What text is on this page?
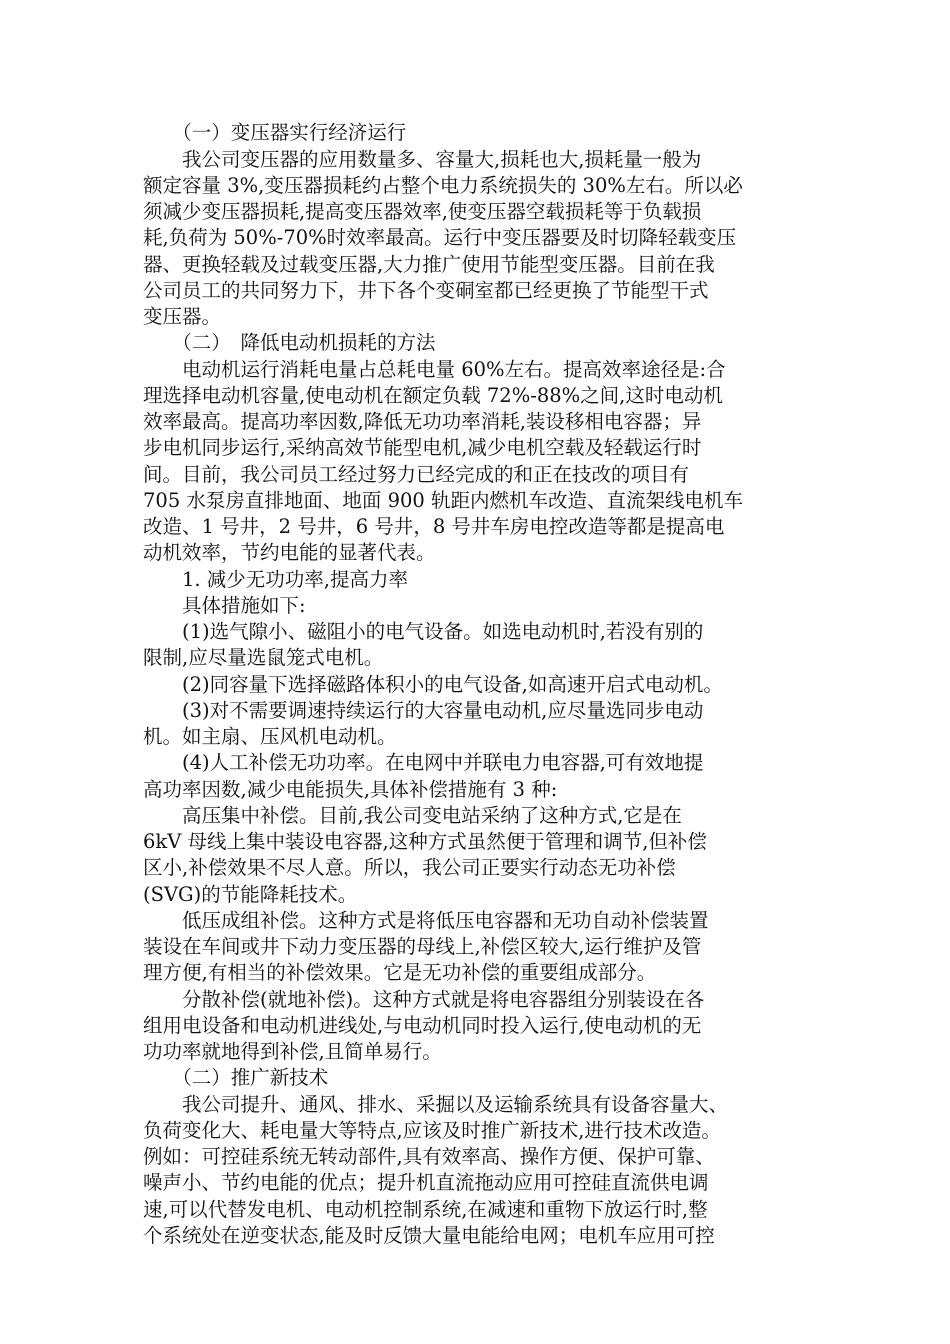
　　（一）变压器实行经济运行
　　我公司变压器的应用数量多、容量大,损耗也大,损耗量一般为
额定容量 3%,变压器损耗约占整个电力系统损失的 30%左右。所以必
须减少变压器损耗,提高变压器效率,使变压器空载损耗等于负载损
耗,负荷为 50%-70%时效率最高。运行中变压器要及时切降轻载变压
器、更换轻载及过载变压器,大力推广使用节能型变压器。目前在我
公司员工的共同努力下，井下各个变硐室都已经更换了节能型干式
变压器。
　　（二）　降低电动机损耗的方法
　　电动机运行消耗电量占总耗电量 60%左右。提高效率途径是:合
理选择电动机容量,使电动机在额定负载 72%-88%之间,这时电动机
效率最高。提高功率因数,降低无功功率消耗,装设移相电容器；异
步电机同步运行,采纳高效节能型电机,减少电机空载及轻载运行时
间。目前，我公司员工经过努力已经完成的和正在技改的项目有
705 水泵房直排地面、地面 900 轨距内燃机车改造、直流架线电机车
改造、1 号井，2 号井，6 号井，8 号井车房电控改造等都是提高电
动机效率，节约电能的显著代表。
　　1. 减少无功功率,提高力率
　　具体措施如下:
　　(1)选气隙小、磁阻小的电气设备。如选电动机时,若没有别的
限制,应尽量选鼠笼式电机。
　　(2)同容量下选择磁路体积小的电气设备,如高速开启式电动机。
　　(3)对不需要调速持续运行的大容量电动机,应尽量选同步电动
机。如主扇、压风机电动机。
　　(4)人工补偿无功功率。在电网中并联电力电容器,可有效地提
高功率因数,减少电能损失,具体补偿措施有 3 种:
　　高压集中补偿。目前,我公司变电站采纳了这种方式,它是在
6kV 母线上集中装设电容器,这种方式虽然便于管理和调节,但补偿
区小,补偿效果不尽人意。所以，我公司正要实行动态无功补偿
(SVG)的节能降耗技术。
　　低压成组补偿。这种方式是将低压电容器和无功自动补偿装置
装设在车间或井下动力变压器的母线上,补偿区较大,运行维护及管
理方便,有相当的补偿效果。它是无功补偿的重要组成部分。
　　分散补偿(就地补偿)。这种方式就是将电容器组分别装设在各
组用电设备和电动机进线处,与电动机同时投入运行,使电动机的无
功功率就地得到补偿,且简单易行。
　　（二）推广新技术
　　我公司提升、通风、排水、采掘以及运输系统具有设备容量大、
负荷变化大、耗电量大等特点,应该及时推广新技术,进行技术改造。
例如：可控硅系统无转动部件,具有效率高、操作方便、保护可靠、
噪声小、节约电能的优点；提升机直流拖动应用可控硅直流供电调
速,可以代替发电机、电动机控制系统,在减速和重物下放运行时,整
个系统处在逆变状态,能及时反馈大量电能给电网；电机车应用可控
